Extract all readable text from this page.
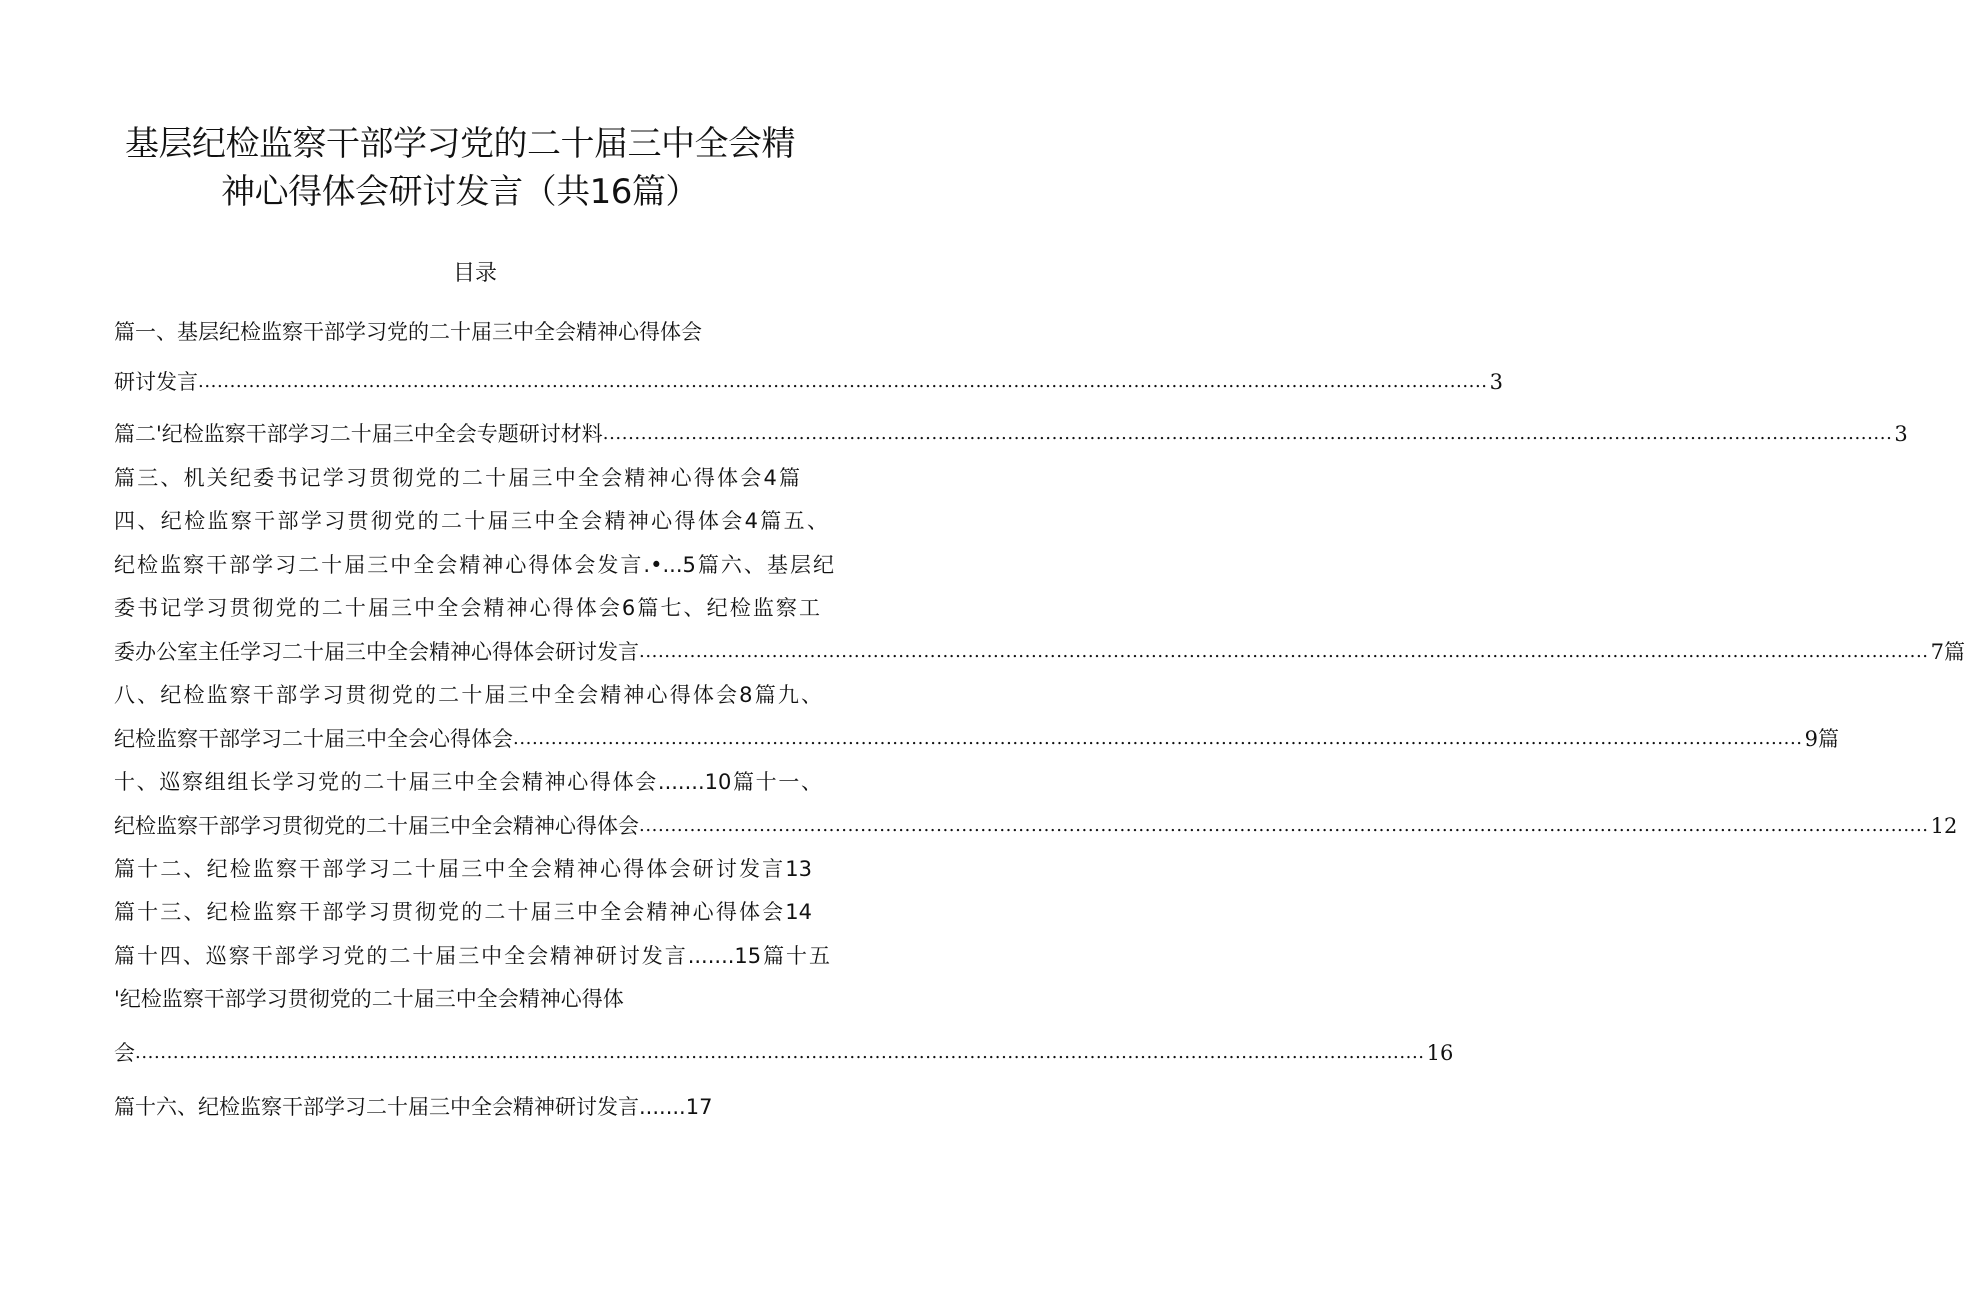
基层纪检监察干部学习党的二十届三中全会精
神心得体会研讨发言（共16篇）
目录
篇一、基层纪检监察干部学习党的二十届三中全会精神心得体会
研讨发言 ............................................................................................................................................................................................................ 3
篇二'纪检监察干部学习二十届三中全会专题研讨材料 ............................................................................................................................................................................................................ 3
篇三、机关纪委书记学习贯彻党的二十届三中全会精神心得体会4篇
四、纪检监察干部学习贯彻党的二十届三中全会精神心得体会4篇五、
纪检监察干部学习二十届三中全会精神心得体会发言.•...5篇六、基层纪
委书记学习贯彻党的二十届三中全会精神心得体会6篇七、纪检监察工
委办公室主任学习二十届三中全会精神心得体会研讨发言 ............................................................................................................................................................................................................ 7篇
八、纪检监察干部学习贯彻党的二十届三中全会精神心得体会8篇九、
纪检监察干部学习二十届三中全会心得体会 ............................................................................................................................................................................................................ 9篇
十、巡察组组长学习党的二十届三中全会精神心得体会.......10篇十一、
纪检监察干部学习贯彻党的二十届三中全会精神心得体会 ............................................................................................................................................................................................................ 12
篇十二、纪检监察干部学习二十届三中全会精神心得体会研讨发言13
篇十三、纪检监察干部学习贯彻党的二十届三中全会精神心得体会14
篇十四、巡察干部学习党的二十届三中全会精神研讨发言.......15篇十五
'纪检监察干部学习贯彻党的二十届三中全会精神心得体
会 ............................................................................................................................................................................................................ 16
篇十六、纪检监察干部学习二十届三中全会精神研讨发言.......17
